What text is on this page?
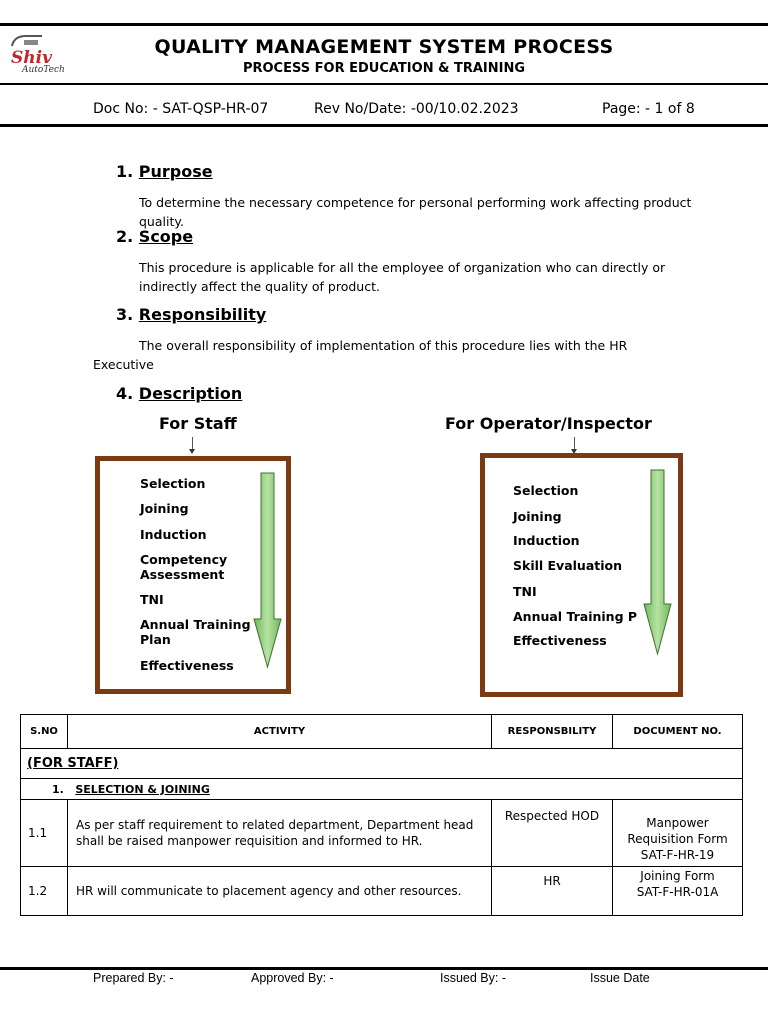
Shiv
AutoTech
QUALITY MANAGEMENT SYSTEM PROCESS
PROCESS FOR EDUCATION & TRAINING
Doc No: - SAT-QSP-HR-07	Rev No/Date: -00/10.02.2023	Page: - 1 of 8
1. Purpose
To determine the necessary competence for personal performing work affecting product quality.
2. Scope
This procedure is applicable for all the employee of organization who can directly or indirectly affect the quality of product.
3. Responsibility
The overall responsibility of implementation of this procedure lies with the HR
Executive
4. Description
For Staff
Selection
Joining
Induction
Competency Assessment
TNI
Annual Training Plan
Effectiveness
For Operator/Inspector
Selection
Joining
Induction
Skill Evaluation
TNI
Annual Training P
Effectiveness
S.NO	ACTIVITY	RESPONSBILITY	DOCUMENT NO.
(FOR STAFF)			
1. SELECTION & JOINING			
1.1	As per staff requirement to related department, Department head shall be raised manpower requisition and informed to HR.	Respected HOD	Manpower
Requisition Form
SAT-F-HR-19

1.2	HR will communicate to placement agency and other resources.	HR	Joining Form
SAT-F-HR-01A
Prepared By: -	Approved By: -	Issued By: -	Issue Date
